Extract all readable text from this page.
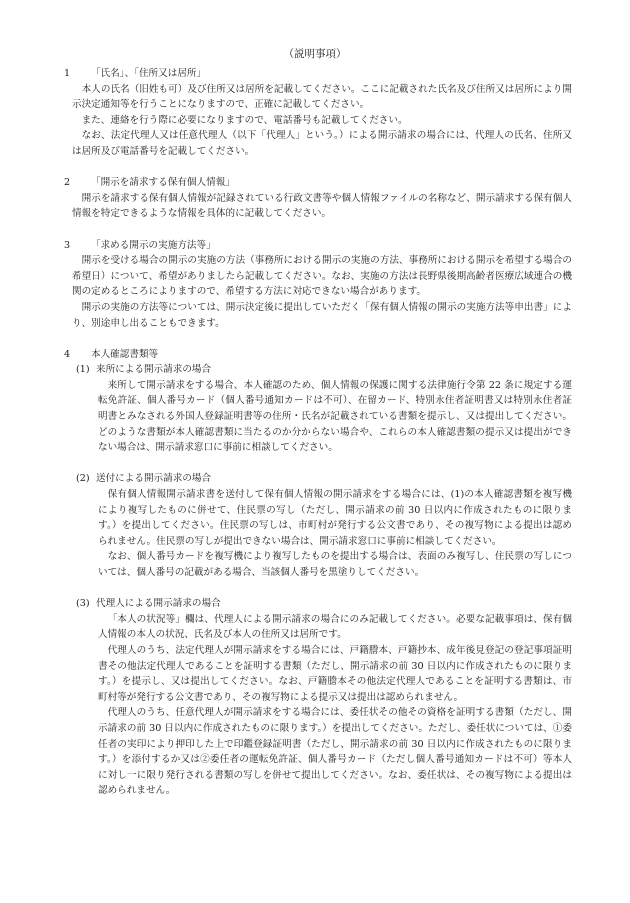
（説明事項）
1	「氏名」、「住所又は居所」

本人の氏名（旧姓も可）及び住所又は居所を記載してください。ここに記載された氏名及び住所又は居所により開示決定通知等を行うことになりますので、正確に記載してください。

また、連絡を行う際に必要になりますので、電話番号も記載してください。

なお、法定代理人又は任意代理人（以下「代理人」という。）による開示請求の場合には、代理人の氏名、住所又は居所及び電話番号を記載してください。

2	「開示を請求する保有個人情報」

開示を請求する保有個人情報が記録されている行政文書等や個人情報ファイルの名称など、開示請求する保有個人情報を特定できるような情報を具体的に記載してください。

3	「求める開示の実施方法等」

開示を受ける場合の開示の実施の方法（事務所における開示の実施の方法、事務所における開示を希望する場合の希望日）について、希望がありましたら記載してください。なお、実施の方法は長野県後期高齢者医療広域連合の機関の定めるところによりますので、希望する方法に対応できない場合があります。

開示の実施の方法等については、開示決定後に提出していただく「保有個人情報の開示の実施方法等申出書」により、別途申し出ることもできます。

4	本人確認書類等
(1) 来所による開示請求の場合

来所して開示請求をする場合、本人確認のため、個人情報の保護に関する法律施行令第 22 条に規定する運転免許証、個人番号カード（個人番号通知カードは不可）、在留カード、特別永住者証明書又は特別永住者証明書とみなされる外国人登録証明書等の住所・氏名が記載されている書類を提示し、又は提出してください。どのような書類が本人確認書類に当たるのか分からない場合や、これらの本人確認書類の提示又は提出ができない場合は、開示請求窓口に事前に相談してください。

(2) 送付による開示請求の場合

保有個人情報開示請求書を送付して保有個人情報の開示請求をする場合には、(1)の本人確認書類を複写機により複写したものに併せて、住民票の写し（ただし、開示請求の前 30 日以内に作成されたものに限ります。）を提出してください。住民票の写しは、市町村が発行する公文書であり、その複写物による提出は認められません。住民票の写しが提出できない場合は、開示請求窓口に事前に相談してください。

なお、個人番号カードを複写機により複写したものを提出する場合は、表面のみ複写し、住民票の写しについては、個人番号の記載がある場合、当該個人番号を黒塗りしてください。

(3) 代理人による開示請求の場合

「本人の状況等」欄は、代理人による開示請求の場合にのみ記載してください。必要な記載事項は、保有個人情報の本人の状況、氏名及び本人の住所又は居所です。

代理人のうち、法定代理人が開示請求をする場合には、戸籍謄本、戸籍抄本、成年後見登記の登記事項証明書その他法定代理人であることを証明する書類（ただし、開示請求の前 30 日以内に作成されたものに限ります。）を提示し、又は提出してください。なお、戸籍謄本その他法定代理人であることを証明する書類は、市町村等が発行する公文書であり、その複写物による提示又は提出は認められません。

代理人のうち、任意代理人が開示請求をする場合には、委任状その他その資格を証明する書類（ただし、開示請求の前 30 日以内に作成されたものに限ります。）を提出してください。ただし、委任状については、①委任者の実印により押印した上で印鑑登録証明書（ただし、開示請求の前 30 日以内に作成されたものに限ります。）を添付するか又は②委任者の運転免許証、個人番号カード（ただし個人番号通知カードは不可）等本人に対し一に限り発行される書類の写しを併せて提出してください。なお、委任状は、その複写物による提出は認められません。
